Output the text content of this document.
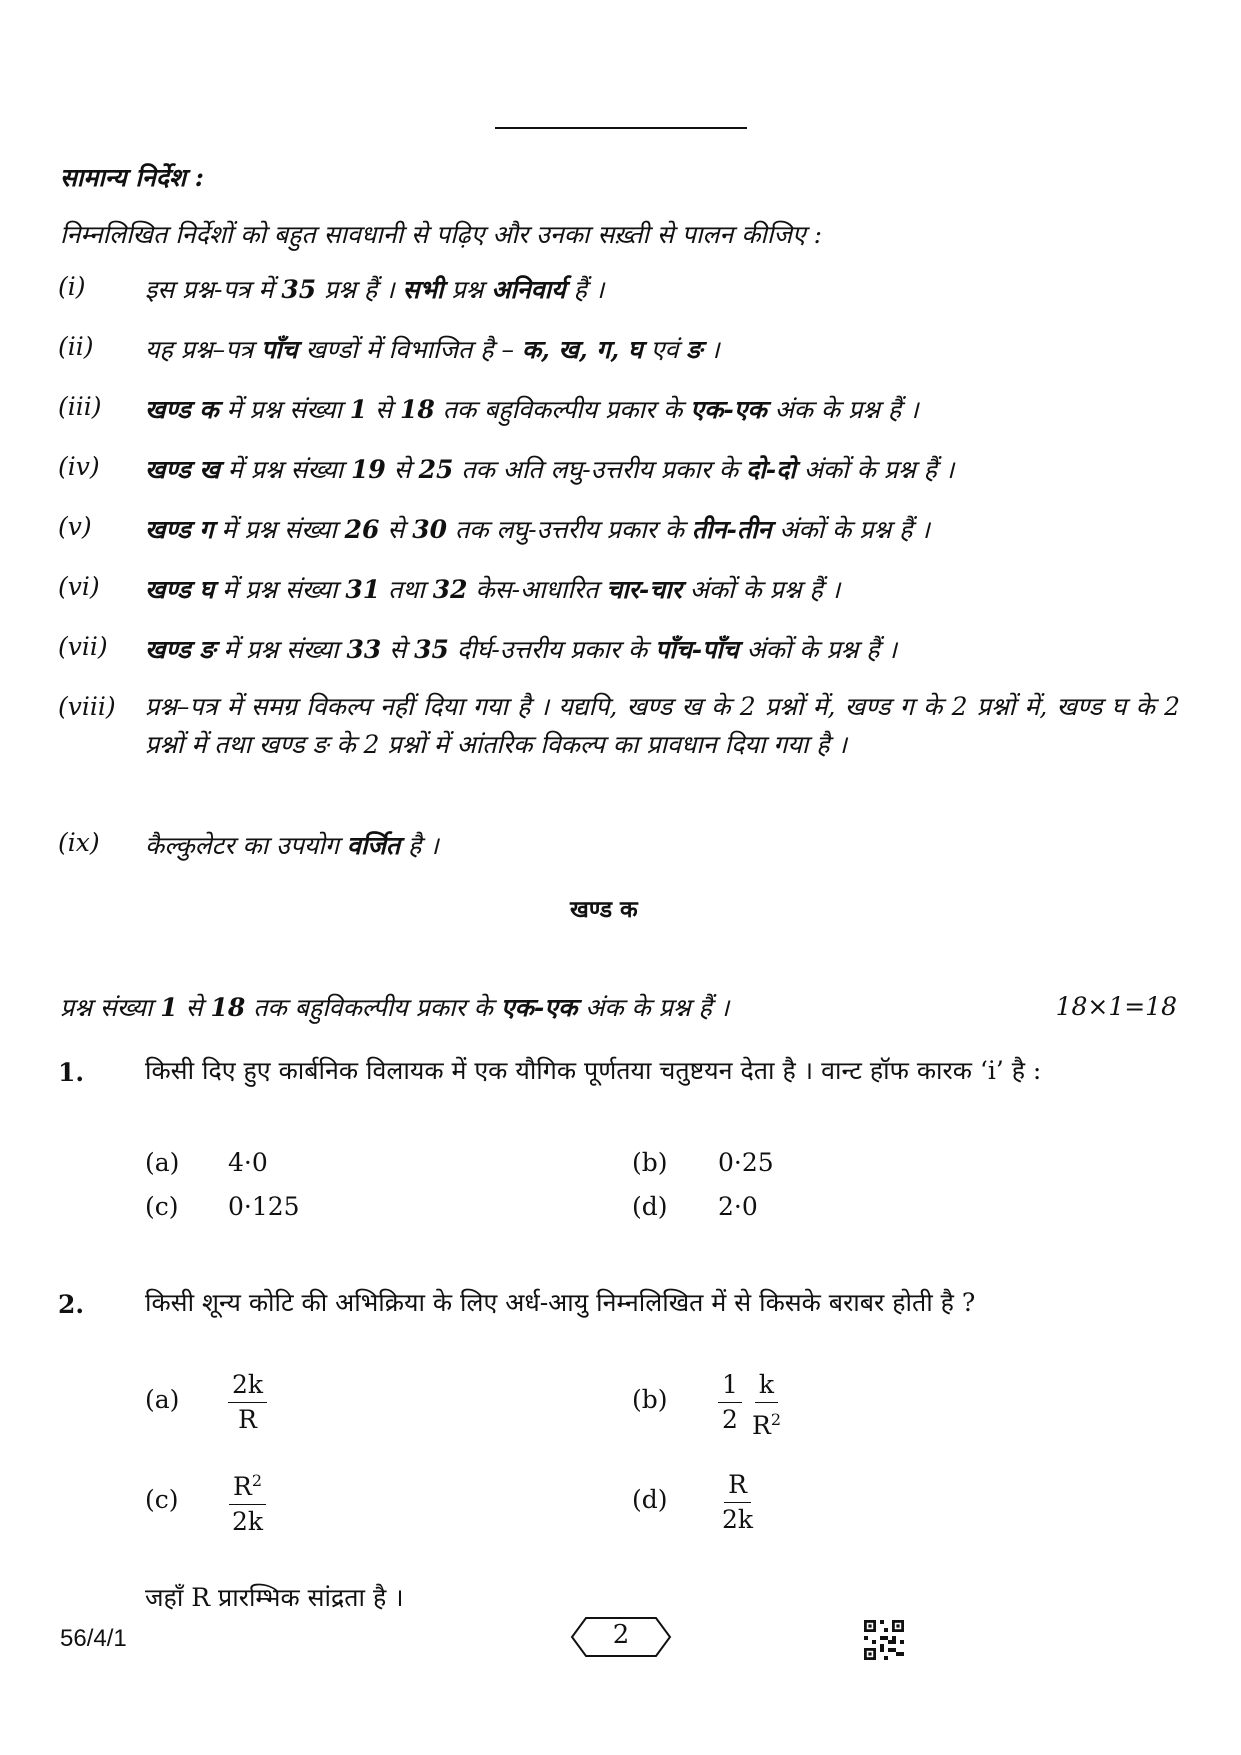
सामान्य निर्देश :
निम्नलिखित निर्देशों को बहुत सावधानी से पढ़िए और उनका सख़्ती से पालन कीजिए :
(i) इस प्रश्न-पत्र में 35 प्रश्न हैं । सभी प्रश्न अनिवार्य हैं ।
(ii) यह प्रश्न–पत्र पाँच खण्डों में विभाजित है – क, ख, ग, घ एवं ङ ।
(iii) खण्ड क में प्रश्न संख्या 1 से 18 तक बहुविकल्पीय प्रकार के एक-एक अंक के प्रश्न हैं ।
(iv) खण्ड ख में प्रश्न संख्या 19 से 25 तक अति लघु-उत्तरीय प्रकार के दो-दो अंकों के प्रश्न हैं ।
(v) खण्ड ग में प्रश्न संख्या 26 से 30 तक लघु-उत्तरीय प्रकार के तीन-तीन अंकों के प्रश्न हैं ।
(vi) खण्ड घ में प्रश्न संख्या 31 तथा 32 केस-आधारित चार-चार अंकों के प्रश्न हैं ।
(vii) खण्ड ङ में प्रश्न संख्या 33 से 35 दीर्घ-उत्तरीय प्रकार के पाँच-पाँच अंकों के प्रश्न हैं ।
(viii) प्रश्न–पत्र में समग्र विकल्प नहीं दिया गया है । यद्यपि, खण्ड ख के 2 प्रश्नों में, खण्ड ग के 2 प्रश्नों में, खण्ड घ के 2 प्रश्नों में तथा खण्ड ङ के 2 प्रश्नों में आंतरिक विकल्प का प्रावधान दिया गया है ।
(ix) कैल्कुलेटर का उपयोग वर्जित है ।
खण्ड क
प्रश्न संख्या 1 से 18 तक बहुविकल्पीय प्रकार के एक-एक अंक के प्रश्न हैं ।	18×1=18
1. किसी दिए हुए कार्बनिक विलायक में एक यौगिक पूर्णतया चतुष्टयन देता है । वान्ट हॉफ कारक ‘i’ है :
(a) 4·0	(b) 0·25
(c) 0·125	(d) 2·0
2. किसी शून्य कोटि की अभिक्रिया के लिए अर्ध-आयु निम्नलिखित में से किसके बराबर होती है ?
$(a) \frac{2k}{R}$	$(b) \frac{1}{2} \frac{k}{R^2}$
$(c) \frac{R^2}{2k}$	$(d) \frac{R}{2k}$
जहाँ R प्रारम्भिक सांद्रता है ।
56/4/1	2
